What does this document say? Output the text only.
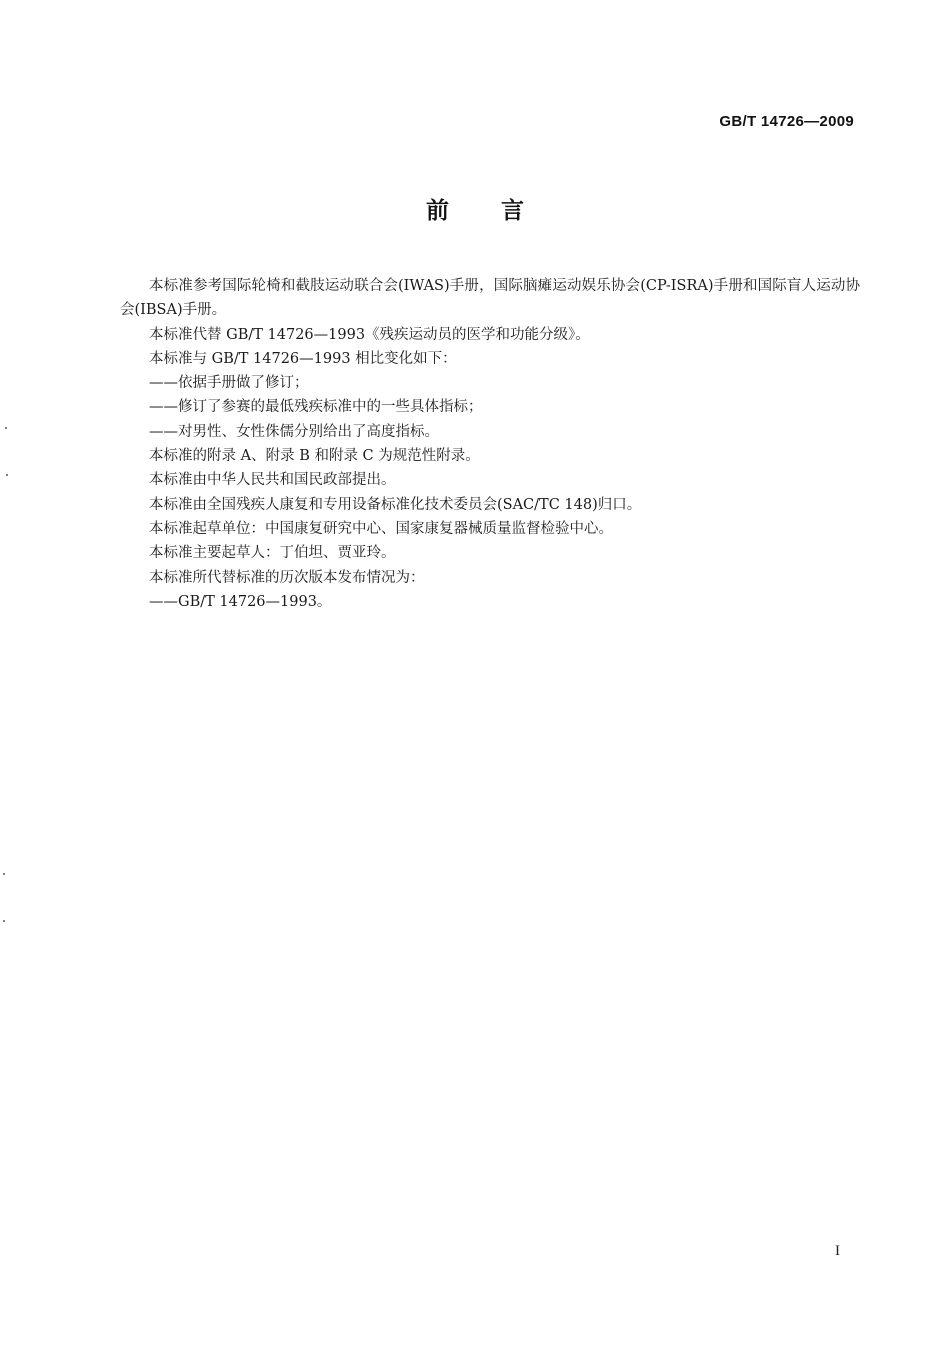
GB/T 14726—2009
前言

本标准参考国际轮椅和截肢运动联合会(IWAS)手册，国际脑瘫运动娱乐协会(CP-ISRA)手册和国际盲人运动协会(IBSA)手册。

本标准代替 GB/T 14726—1993《残疾运动员的医学和功能分级》。

本标准与 GB/T 14726—1993 相比变化如下：

——依据手册做了修订；

——修订了参赛的最低残疾标准中的一些具体指标；

——对男性、女性侏儒分别给出了高度指标。

本标准的附录 A、附录 B 和附录 C 为规范性附录。

本标准由中华人民共和国民政部提出。

本标准由全国残疾人康复和专用设备标准化技术委员会(SAC/TC 148)归口。

本标准起草单位：中国康复研究中心、国家康复器械质量监督检验中心。

本标准主要起草人：丁伯坦、贾亚玲。

本标准所代替标准的历次版本发布情况为：

——GB/T 14726—1993。

I
